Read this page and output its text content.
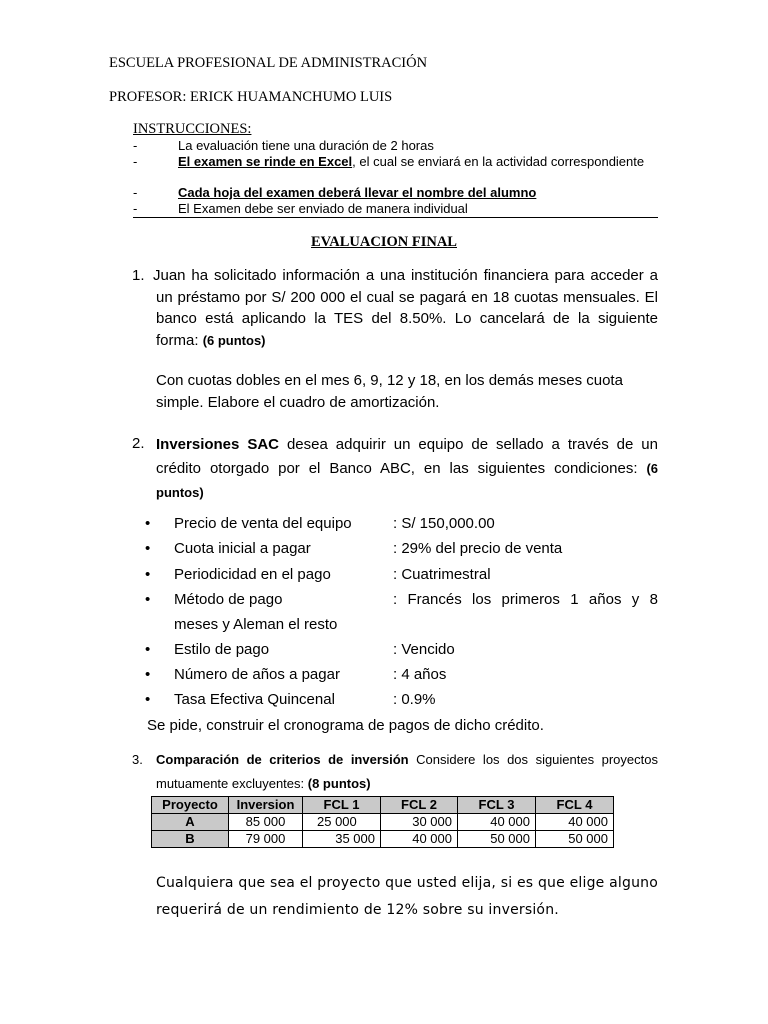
ESCUELA PROFESIONAL DE ADMINISTRACIÓN
PROFESOR: ERICK HUAMANCHUMO LUIS
INSTRUCCIONES:
-	La evaluación tiene una duración de 2 horas
-	El examen se rinde en Excel, el cual se enviará en la actividad correspondiente
-	Cada hoja del examen deberá llevar el nombre del alumno
-	El Examen debe ser enviado de manera individual
EVALUACION FINAL
1. Juan ha solicitado información a una institución financiera para acceder a un préstamo por S/ 200 000 el cual se pagará en 18 cuotas mensuales. El banco está aplicando la TES del 8.50%. Lo cancelará de la siguiente forma: (6 puntos)
Con cuotas dobles en el mes 6, 9, 12 y 18, en los demás meses cuota simple. Elabore el cuadro de amortización.
2. Inversiones SAC desea adquirir un equipo de sellado a través de un crédito otorgado por el Banco ABC, en las siguientes condiciones: (6 puntos)
• Precio de venta del equipo	: S/ 150,000.00
• Cuota inicial a pagar	: 29% del precio de venta
• Periodicidad en el pago	: Cuatrimestral
• Método de pago	: Francés los primeros 1 años y 8
meses y Aleman el resto
• Estilo de pago	: Vencido
• Número de años a pagar	: 4 años
• Tasa Efectiva Quincenal	: 0.9%
Se pide, construir el cronograma de pagos de dicho crédito.
3.	Comparación de criterios de inversión Considere los dos siguientes proyectos mutuamente excluyentes: (8 puntos)
Proyecto	Inversion	FCL 1	FCL 2	FCL 3	FCL 4
A	85 000	25 000	30 000	40 000	40 000
B	79 000	35 000	40 000	50 000	50 000
Cualquiera que sea el proyecto que usted elija, si es que elige alguno requerirá de un rendimiento de 12% sobre su inversión.
